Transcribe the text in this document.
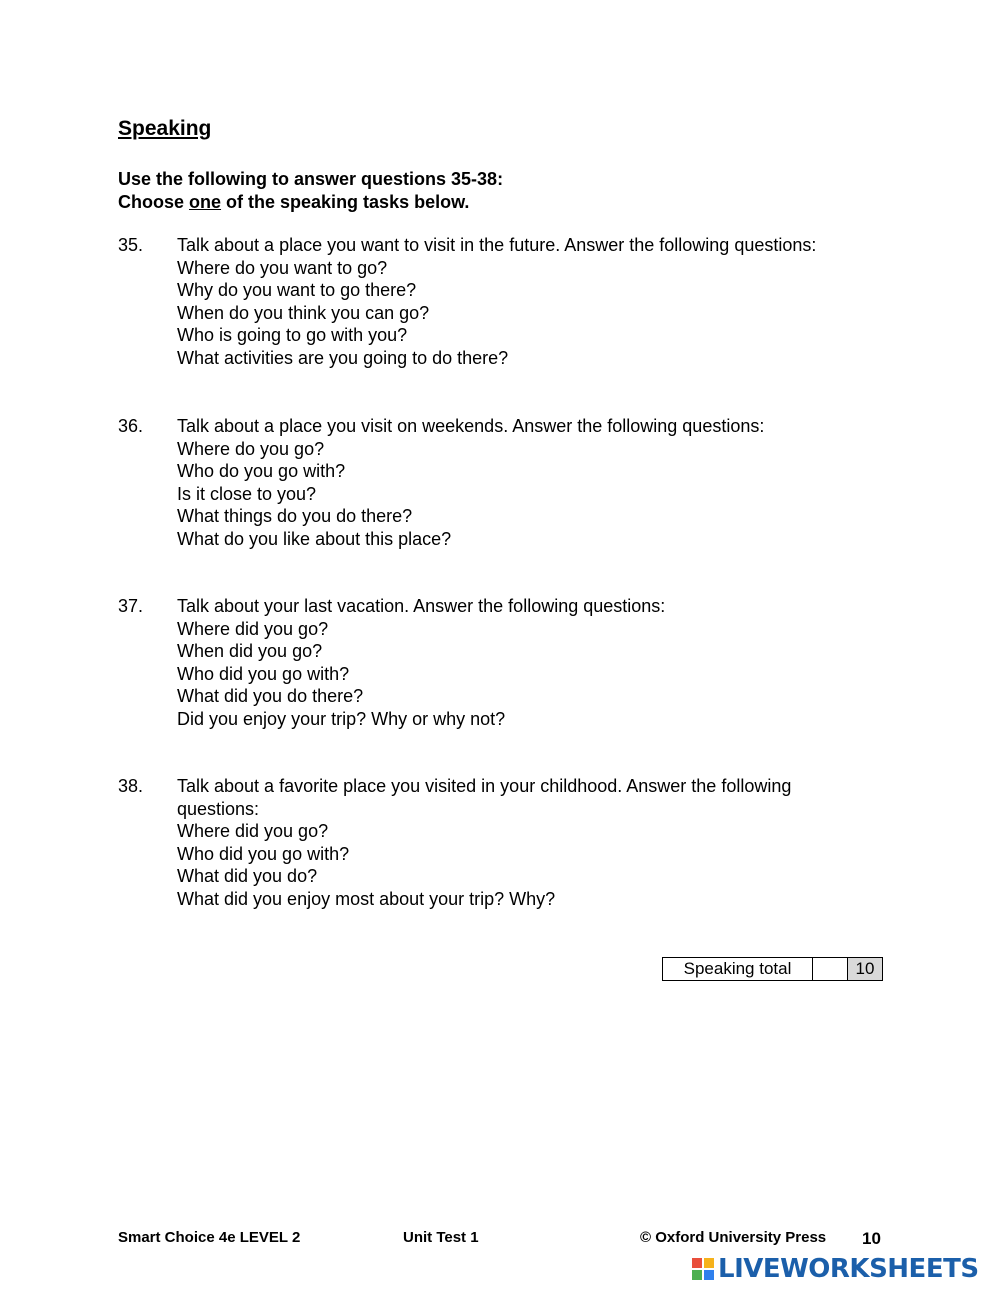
Speaking
Use the following to answer questions 35-38:
Choose one of the speaking tasks below.
35. Talk about a place you want to visit in the future. Answer the following questions:
Where do you want to go?
Why do you want to go there?
When do you think you can go?
Who is going to go with you?
What activities are you going to do there?
36. Talk about a place you visit on weekends. Answer the following questions:
Where do you go?
Who do you go with?
Is it close to you?
What things do you do there?
What do you like about this place?
37. Talk about your last vacation. Answer the following questions:
Where did you go?
When did you go?
Who did you go with?
What did you do there?
Did you enjoy your trip? Why or why not?
38. Talk about a favorite place you visited in your childhood. Answer the following
questions:
Where did you go?
Who did you go with?
What did you do?
What did you enjoy most about your trip? Why?
Speaking total		10
Smart Choice 4e LEVEL 2	Unit Test 1	© Oxford University Press 10
LIVEWORKSHEETS
